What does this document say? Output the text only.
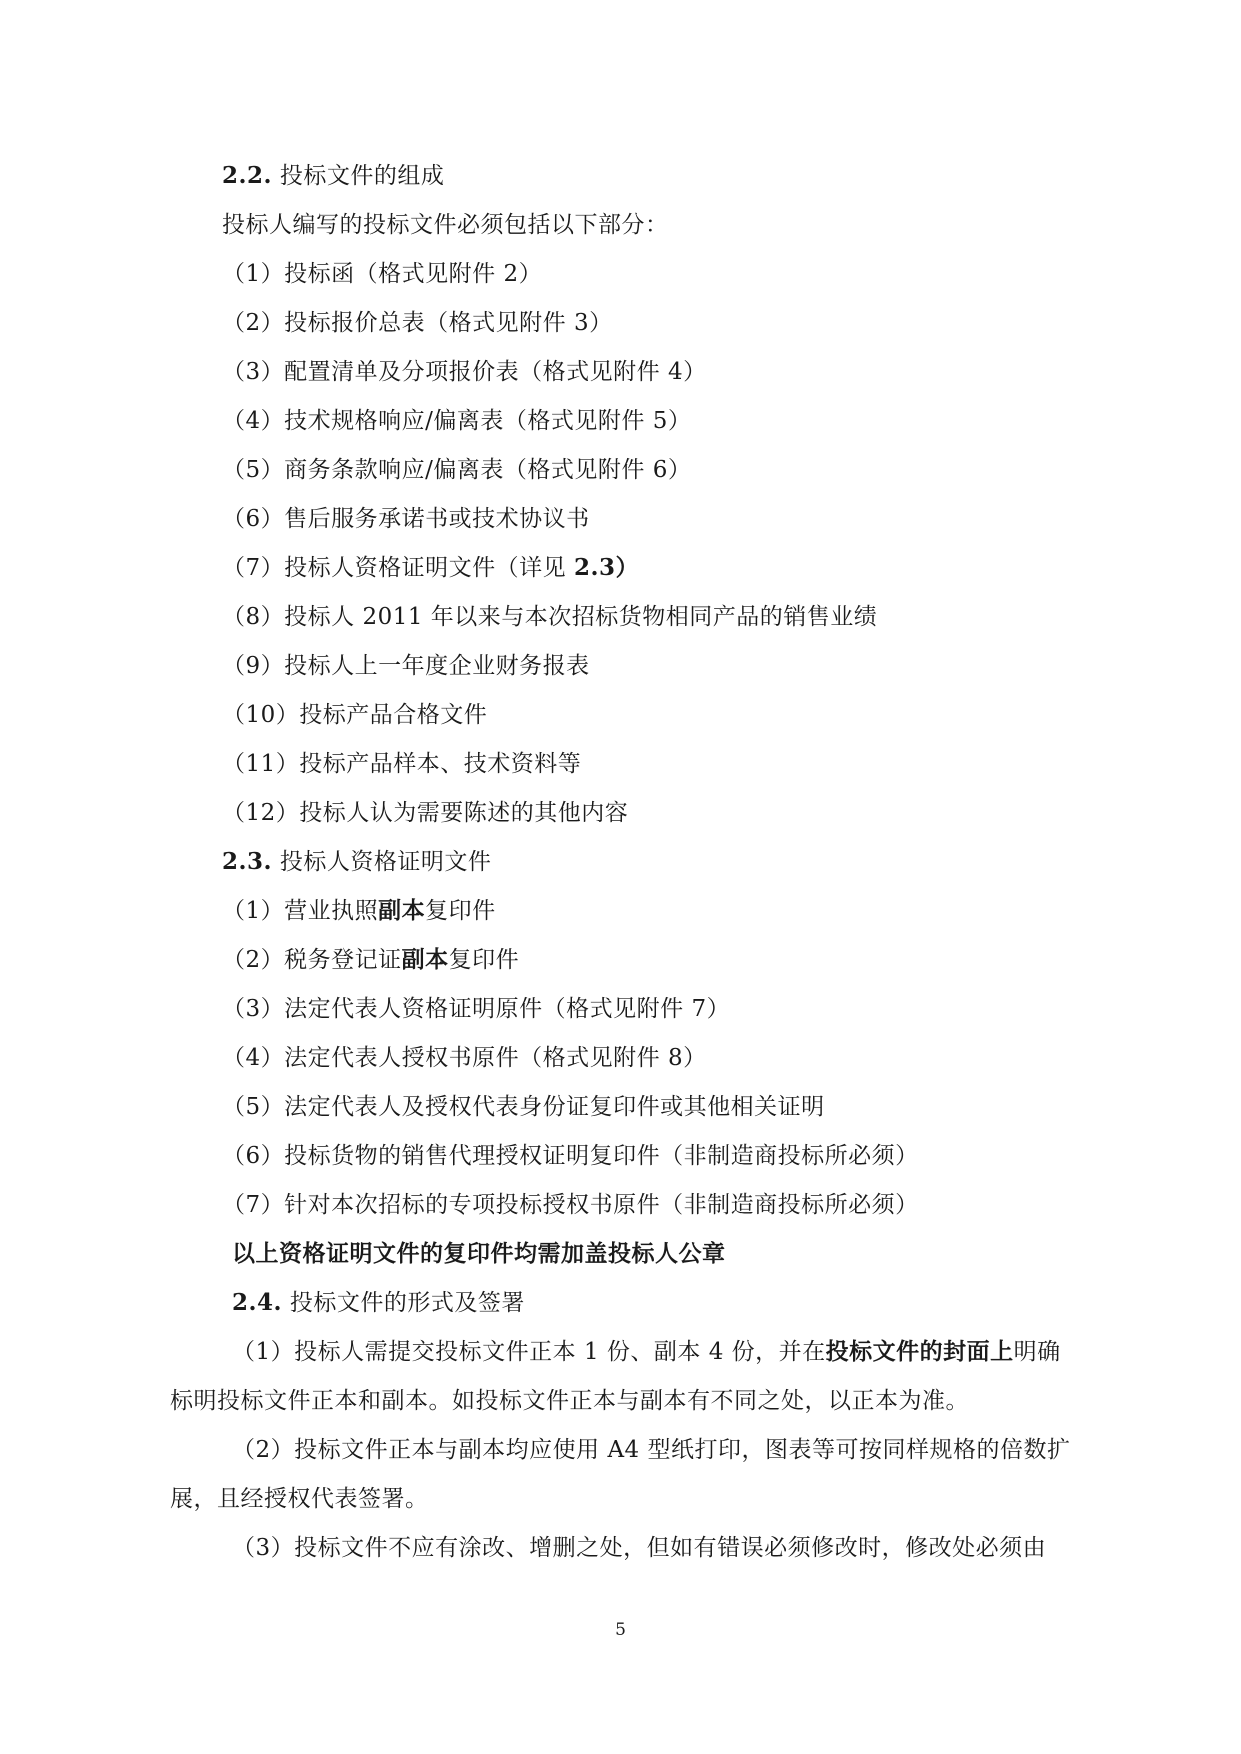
2.2. 投标文件的组成
投标人编写的投标文件必须包括以下部分：
（1）投标函（格式见附件 2）
（2）投标报价总表（格式见附件 3）
（3）配置清单及分项报价表（格式见附件 4）
（4）技术规格响应/偏离表（格式见附件 5）
（5）商务条款响应/偏离表（格式见附件 6）
（6）售后服务承诺书或技术协议书
（7）投标人资格证明文件（详见 2.3）
（8）投标人 2011 年以来与本次招标货物相同产品的销售业绩
（9）投标人上一年度企业财务报表
（10）投标产品合格文件
（11）投标产品样本、技术资料等
（12）投标人认为需要陈述的其他内容
2.3. 投标人资格证明文件
（1）营业执照副本复印件
（2）税务登记证副本复印件
（3）法定代表人资格证明原件（格式见附件 7）
（4）法定代表人授权书原件（格式见附件 8）
（5）法定代表人及授权代表身份证复印件或其他相关证明
（6）投标货物的销售代理授权证明复印件（非制造商投标所必须）
（7）针对本次招标的专项投标授权书原件（非制造商投标所必须）
以上资格证明文件的复印件均需加盖投标人公章
2.4. 投标文件的形式及签署
（1）投标人需提交投标文件正本 1 份、副本 4 份，并在投标文件的封面上明确
标明投标文件正本和副本。如投标文件正本与副本有不同之处，以正本为准。
（2）投标文件正本与副本均应使用 A4 型纸打印，图表等可按同样规格的倍数扩
展，且经授权代表签署。
（3）投标文件不应有涂改、增删之处，但如有错误必须修改时，修改处必须由
5
